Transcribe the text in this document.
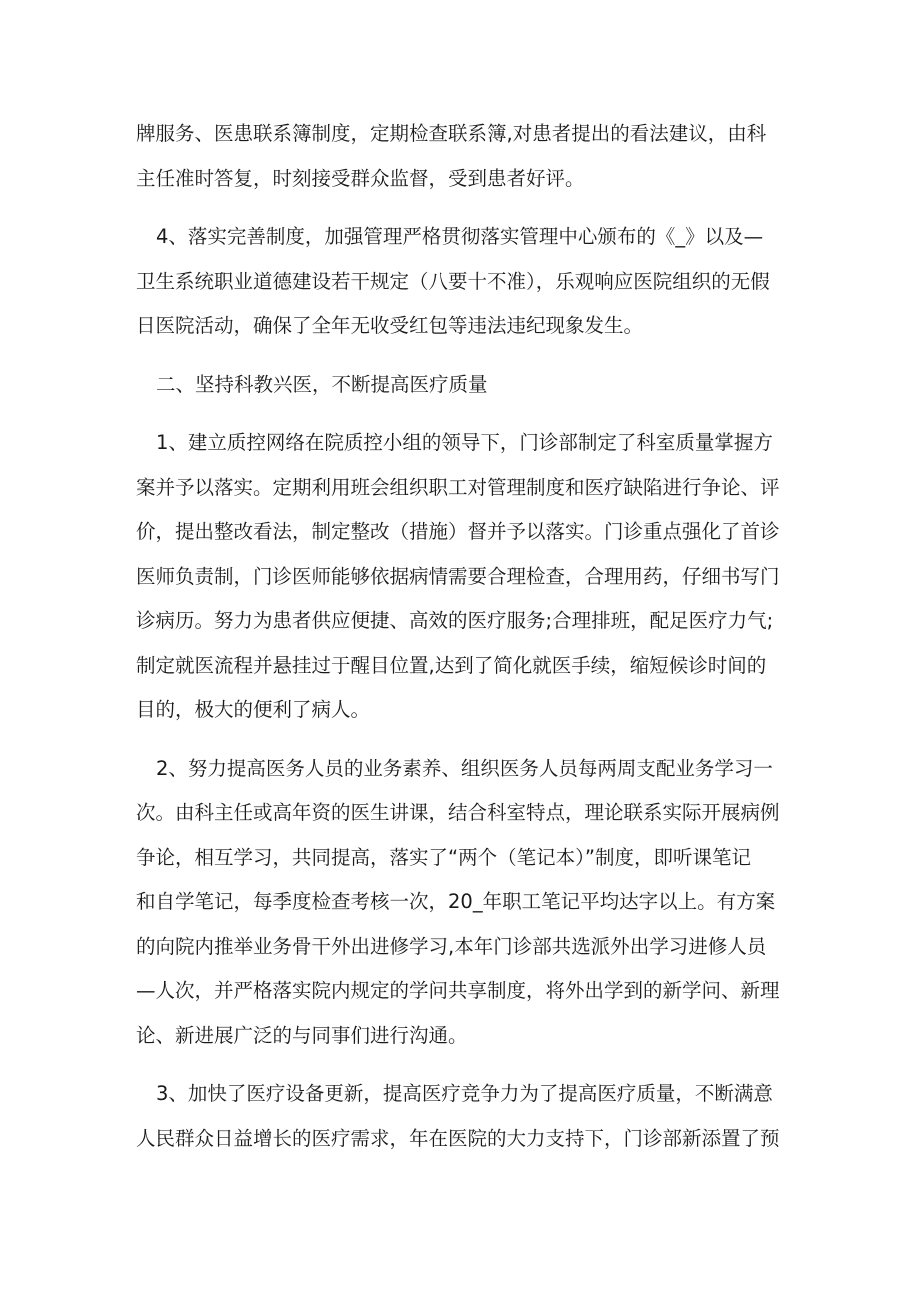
牌服务、医患联系簿制度，定期检查联系簿,对患者提出的看法建议，由科
主任准时答复，时刻接受群众监督，受到患者好评。
4、落实完善制度，加强管理严格贯彻落实管理中心颁布的《_》以及—
卫生系统职业道德建设若干规定（八要十不准），乐观响应医院组织的无假
日医院活动，确保了全年无收受红包等违法违纪现象发生。
二、坚持科教兴医，不断提高医疗质量
1、建立质控网络在院质控小组的领导下，门诊部制定了科室质量掌握方
案并予以落实。定期利用班会组织职工对管理制度和医疗缺陷进行争论、评
价，提出整改看法，制定整改（措施）督并予以落实。门诊重点强化了首诊
医师负责制，门诊医师能够依据病情需要合理检查，合理用药，仔细书写门
诊病历。努力为患者供应便捷、高效的医疗服务;合理排班，配足医疗力气;
制定就医流程并悬挂过于醒目位置,达到了简化就医手续，缩短候诊时间的
目的，极大的便利了病人。
2、努力提高医务人员的业务素养、组织医务人员每两周支配业务学习一
次。由科主任或高年资的医生讲课，结合科室特点，理论联系实际开展病例
争论，相互学习，共同提高，落实了“两个（笔记本）”制度，即听课笔记
和自学笔记，每季度检查考核一次，20_年职工笔记平均达字以上。有方案
的向院内推举业务骨干外出进修学习,本年门诊部共选派外出学习进修人员
—人次，并严格落实院内规定的学问共享制度，将外出学到的新学问、新理
论、新进展广泛的与同事们进行沟通。
3、加快了医疗设备更新，提高医疗竞争力为了提高医疗质量，不断满意
人民群众日益增长的医疗需求，年在医院的大力支持下，门诊部新添置了预
